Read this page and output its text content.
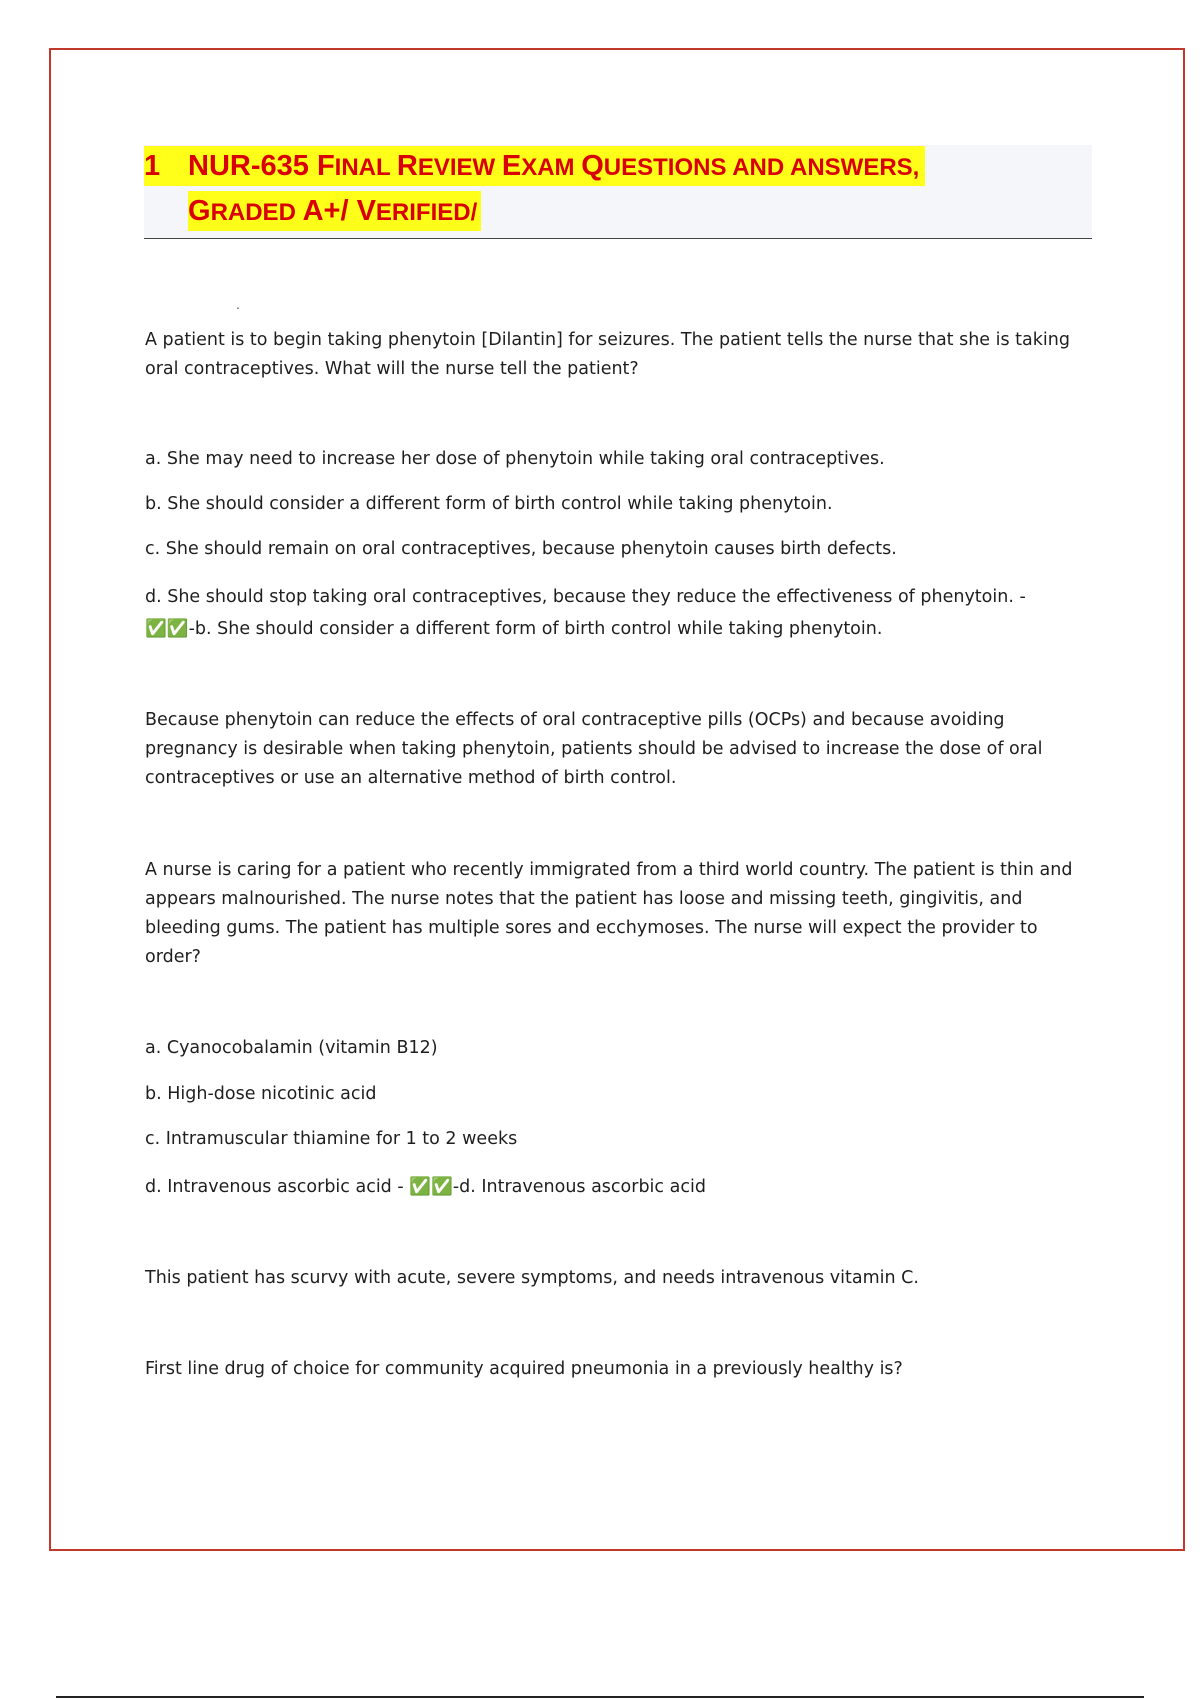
1 NUR-635 FINAL REVIEW EXAM QUESTIONS AND ANSWERS,
GRADED A+/ VERIFIED/
.

A patient is to begin taking phenytoin [Dilantin] for seizures. The patient tells the nurse that she is taking oral contraceptives. What will the nurse tell the patient?

a. She may need to increase her dose of phenytoin while taking oral contraceptives.

b. She should consider a different form of birth control while taking phenytoin.

c. She should remain on oral contraceptives, because phenytoin causes birth defects.

d. She should stop taking oral contraceptives, because they reduce the effectiveness of phenytoin. -

✅✅-b. She should consider a different form of birth control while taking phenytoin.

Because phenytoin can reduce the effects of oral contraceptive pills (OCPs) and because avoiding pregnancy is desirable when taking phenytoin, patients should be advised to increase the dose of oral contraceptives or use an alternative method of birth control.

A nurse is caring for a patient who recently immigrated from a third world country. The patient is thin and appears malnourished. The nurse notes that the patient has loose and missing teeth, gingivitis, and bleeding gums. The patient has multiple sores and ecchymoses. The nurse will expect the provider to order?

a. Cyanocobalamin (vitamin B12)

b. High-dose nicotinic acid

c. Intramuscular thiamine for 1 to 2 weeks

d. Intravenous ascorbic acid - ✅✅-d. Intravenous ascorbic acid

This patient has scurvy with acute, severe symptoms, and needs intravenous vitamin C.

First line drug of choice for community acquired pneumonia in a previously healthy is?
